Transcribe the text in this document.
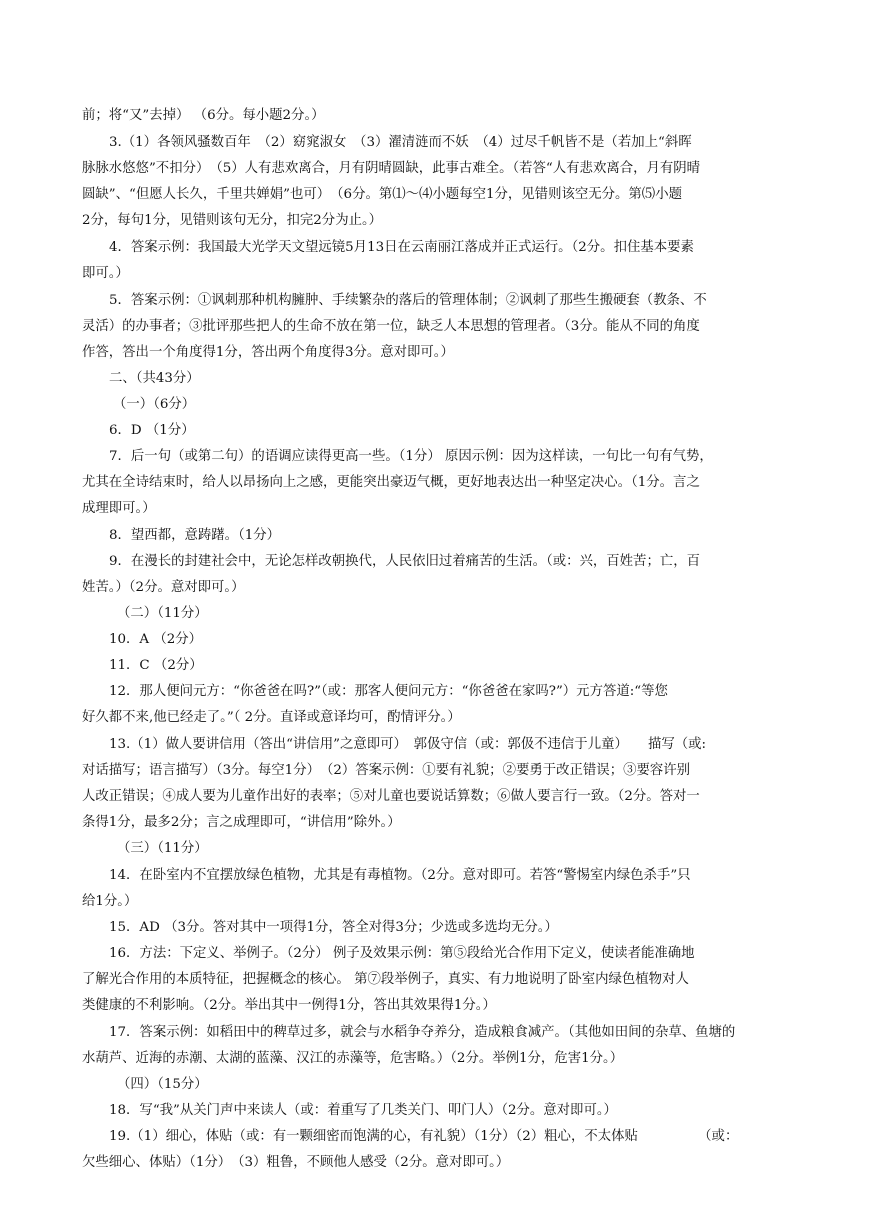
前；将“又”去掉） （6分。每小题2分。）
3.（1）各领风骚数百年　（2）窈窕淑女　（3）濯清涟而不妖　（4）过尽千帆皆不是（若加上“斜晖
脉脉水悠悠”不扣分）　（5）人有悲欢离合，月有阴晴圆缺，此事古难全。（若答“人有悲欢离合，月有阴晴
圆缺”、“但愿人长久，千里共婵娟”也可）　（6分。第⑴～⑷小题每空1分，见错则该空无分。第⑸小题
2分，每句1分，见错则该句无分，扣完2分为止。）
4．答案示例：我国最大光学天文望远镜5月13日在云南丽江落成并正式运行。（2分。扣住基本要素
即可。）
5．答案示例：①讽刺那种机构臃肿、手续繁杂的落后的管理体制；②讽刺了那些生搬硬套（教条、不
灵活）的办事者；③批评那些把人的生命不放在第一位，缺乏人本思想的管理者。（3分。能从不同的角度
作答，答出一个角度得1分，答出两个角度得3分。意对即可。）
二、（共43分）
（一）（6分）
6．D （1分）
7．后一句（或第二句）的语调应读得更高一些。（1分） 原因示例：因为这样读，一句比一句有气势，
尤其在全诗结束时，给人以昂扬向上之感，更能突出豪迈气概，更好地表达出一种坚定决心。（1分。言之
成理即可。）
8．望西都，意踌躇。（1分）
9．在漫长的封建社会中，无论怎样改朝换代，人民依旧过着痛苦的生活。（或：兴，百姓苦；亡，百
姓苦。）（2分。意对即可。）
（二）（11分）
10．A （2分）
11．C （2分）
12．那人便问元方：“你爸爸在吗?”（或：那客人便问元方：“你爸爸在家吗?”）元方答道:“等您
好久都不来,他已经走了。”（ 2分。直译或意译均可，酌情评分。）
13.（1）做人要讲信用（答出“讲信用”之意即可）　郭伋守信（或：郭伋不违信于儿童）　　描写（或:
对话描写；语言描写）（3分。每空1分）　（2）答案示例：①要有礼貌；②要勇于改正错误；③要容许别
人改正错误；④成人要为儿童作出好的表率；⑤对儿童也要说话算数；⑥做人要言行一致。（2分。答对一
条得1分，最多2分；言之成理即可，“讲信用”除外。）
（三）（11分）
14．在卧室内不宜摆放绿色植物，尤其是有毒植物。（2分。意对即可。若答“警惕室内绿色杀手”只
给1分。）
15．AD （3分。答对其中一项得1分，答全对得3分；少选或多选均无分。）
16．方法：下定义、举例子。（2分） 例子及效果示例：第⑤段给光合作用下定义，使读者能准确地
了解光合作用的本质特征，把握概念的核心。 第⑦段举例子，真实、有力地说明了卧室内绿色植物对人
类健康的不利影响。（2分。举出其中一例得1分，答出其效果得1分。）
17．答案示例：如稻田中的稗草过多，就会与水稻争夺养分，造成粮食减产。（其他如田间的杂草、鱼塘的
水葫芦、近海的赤潮、太湖的蓝藻、汉江的赤藻等，危害略。）（2分。举例1分，危害1分。）
（四）（15分）
18．写“我”从关门声中来读人（或：着重写了几类关门、叩门人）（2分。意对即可。）
19.（1）细心，体贴（或：有一颗细密而饱满的心，有礼貌）（1分）（2）粗心，不太体贴　　　　　（或：
欠些细心、体贴）（1分）　（3）粗鲁，不顾他人感受（2分。意对即可。）
